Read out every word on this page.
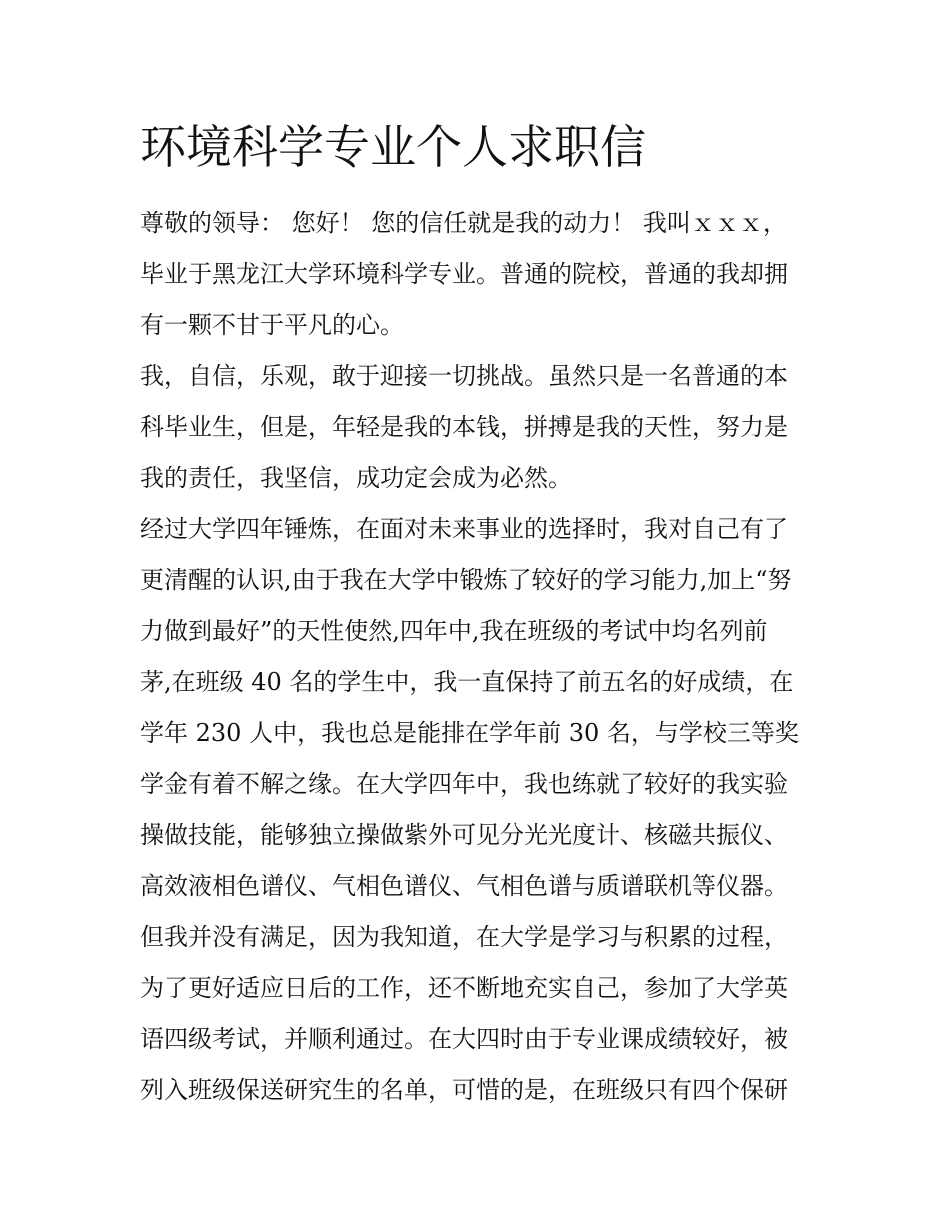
环境科学专业个人求职信
尊敬的领导： 您好！ 您的信任就是我的动力！ 我叫ｘｘｘ，
毕业于黑龙江大学环境科学专业。普通的院校，普通的我却拥
有一颗不甘于平凡的心。
我，自信，乐观，敢于迎接一切挑战。虽然只是一名普通的本
科毕业生，但是，年轻是我的本钱，拼搏是我的天性，努力是
我的责任，我坚信，成功定会成为必然。
经过大学四年锤炼，在面对未来事业的选择时，我对自己有了
更清醒的认识,由于我在大学中锻炼了较好的学习能力,加上“努
力做到最好”的天性使然,四年中,我在班级的考试中均名列前
茅,在班级 40 名的学生中，我一直保持了前五名的好成绩，在
学年 230 人中，我也总是能排在学年前 30 名，与学校三等奖
学金有着不解之缘。在大学四年中，我也练就了较好的我实验
操做技能，能够独立操做紫外可见分光光度计、核磁共振仪、
高效液相色谱仪、气相色谱仪、气相色谱与质谱联机等仪器。
但我并没有满足，因为我知道，在大学是学习与积累的过程，
为了更好适应日后的工作，还不断地充实自己，参加了大学英
语四级考试，并顺利通过。在大四时由于专业课成绩较好，被
列入班级保送研究生的名单，可惜的是，在班级只有四个保研
